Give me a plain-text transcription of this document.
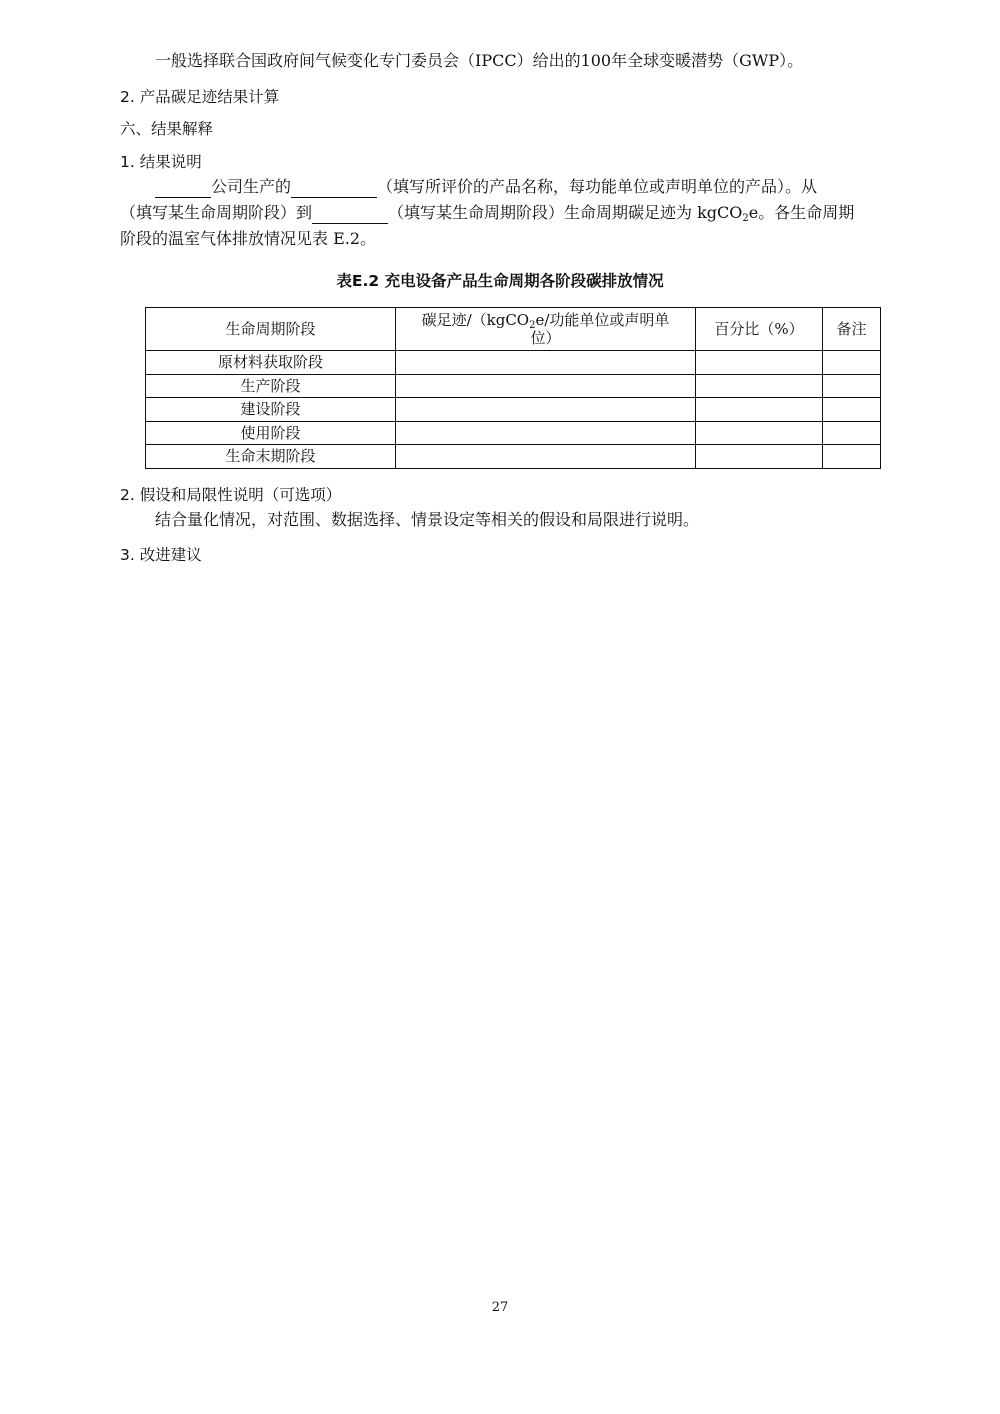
一般选择联合国政府间气候变化专门委员会（IPCC）给出的100年全球变暖潜势（GWP）。
2. 产品碳足迹结果计算
六、结果解释
1. 结果说明
公司生产的	（填写所评价的产品名称，每功能单位或声明单位的产品）。从
（填写某生命周期阶段）到	（填写某生命周期阶段）生命周期碳足迹为 kgCO$_2$e。各生命周期
阶段的温室气体排放情况见表 E.2。
表E.2 充电设备产品生命周期各阶段碳排放情况
生命周期阶段	碳足迹/（kgCO$_2$e/功能单位或声明单
位）	百分比（%）	备注
原材料获取阶段			
生产阶段			
建设阶段			
使用阶段			
生命末期阶段			
2. 假设和局限性说明（可选项）
结合量化情况，对范围、数据选择、情景设定等相关的假设和局限进行说明。
3. 改进建议
27
